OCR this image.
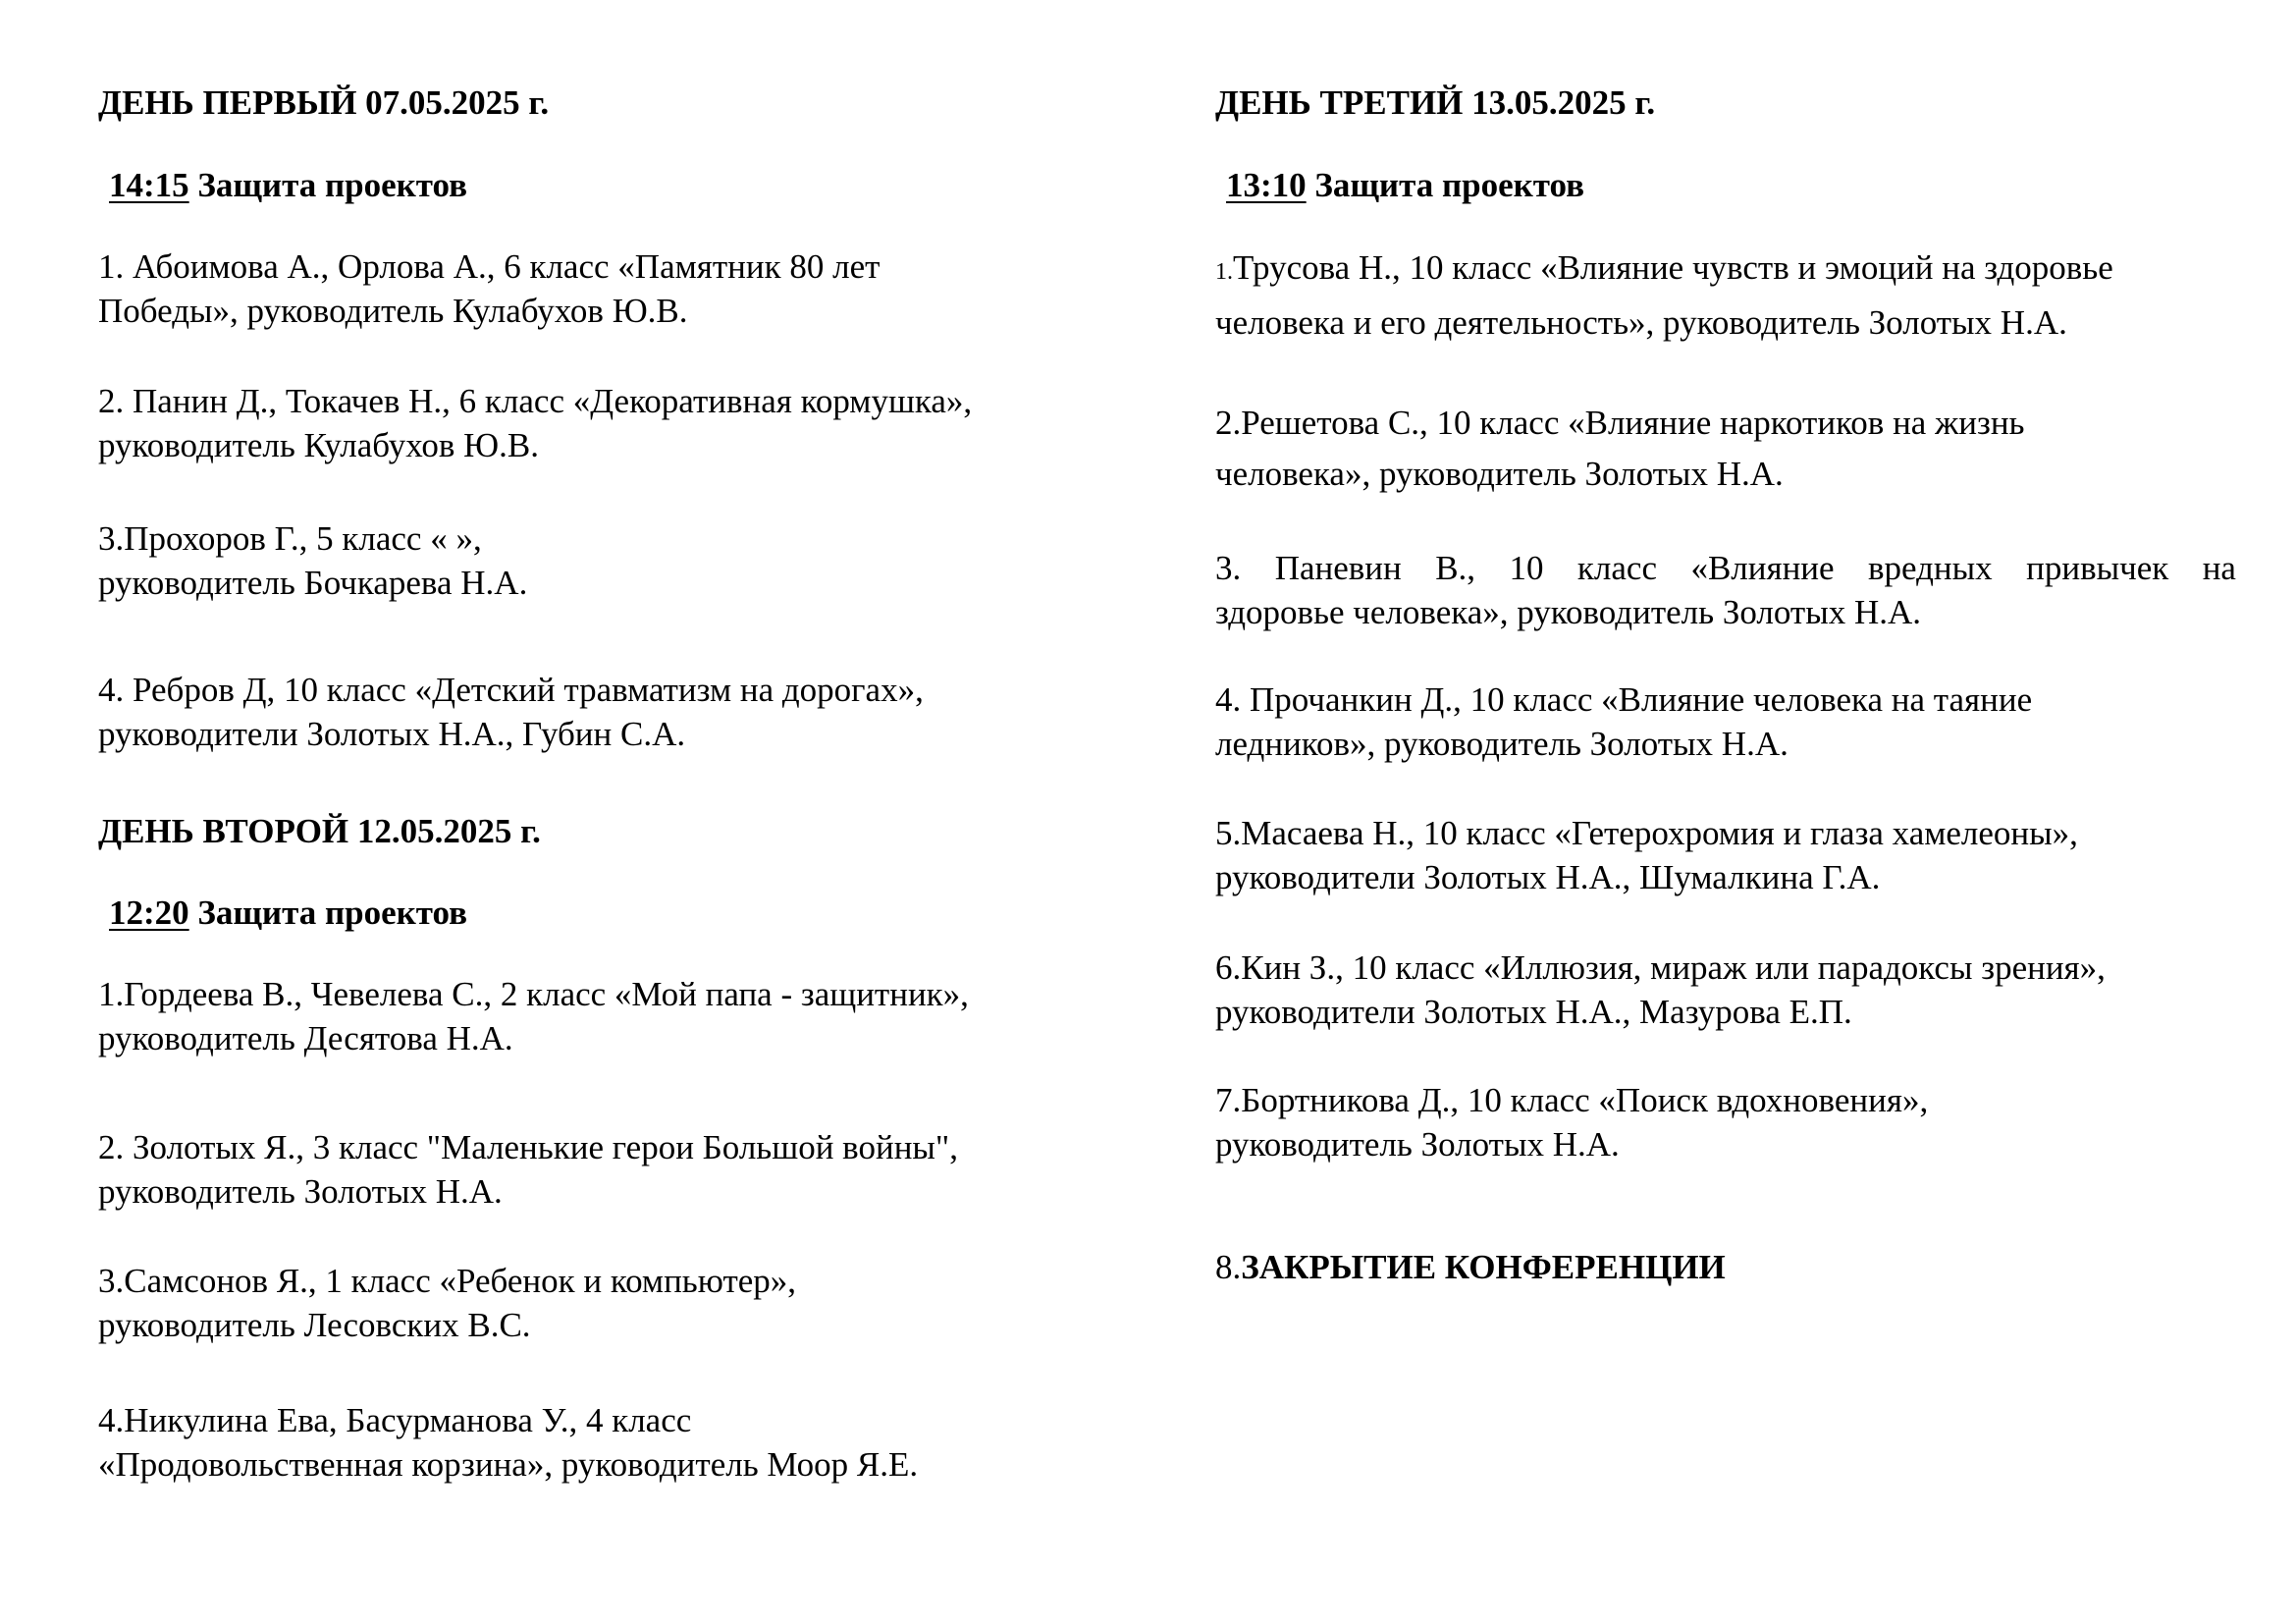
ДЕНЬ ПЕРВЫЙ 07.05.2025 г.
14:15 Защита проектов
1. Абоимова А., Орлова А., 6 класс «Памятник 80 лет
Победы», руководитель Кулабухов Ю.В.
2. Панин Д., Токачев Н., 6 класс «Декоративная кормушка»,
руководитель Кулабухов Ю.В.
3.Прохоров Г., 5 класс « »,
руководитель Бочкарева Н.А.
4. Ребров Д, 10 класс «Детский травматизм на дорогах»,
руководители Золотых Н.А., Губин С.А.
ДЕНЬ ВТОРОЙ 12.05.2025 г.
12:20 Защита проектов
1.Гордеева В., Чевелева С., 2 класс «Мой папа - защитник»,
руководитель Десятова Н.А.
2. Золотых Я., 3 класс "Маленькие герои Большой войны",
руководитель Золотых Н.А.
3.Самсонов Я., 1 класс «Ребенок и компьютер»,
руководитель Лесовских В.С.
4.Никулина Ева, Басурманова У., 4 класс
«Продовольственная корзина», руководитель Моор Я.Е.
ДЕНЬ ТРЕТИЙ 13.05.2025 г.
13:10 Защита проектов
1.Трусова Н., 10 класс «Влияние чувств и эмоций на здоровье
человека и его деятельность», руководитель Золотых Н.А.
2.Решетова С., 10 класс «Влияние наркотиков на жизнь
человека», руководитель Золотых Н.А.
3. Паневин В., 10 класс «Влияние вредных привычек на
здоровье человека», руководитель Золотых Н.А.
4. Прочанкин Д., 10 класс «Влияние человека на таяние
ледников», руководитель Золотых Н.А.
5.Масаева Н., 10 класс «Гетерохромия и глаза хамелеоны»,
руководители Золотых Н.А., Шумалкина Г.А.
6.Кин З., 10 класс «Иллюзия, мираж или парадоксы зрения»,
руководители Золотых Н.А., Мазурова Е.П.
7.Бортникова Д., 10 класс «Поиск вдохновения»,
руководитель Золотых Н.А.
8.ЗАКРЫТИЕ КОНФЕРЕНЦИИ
